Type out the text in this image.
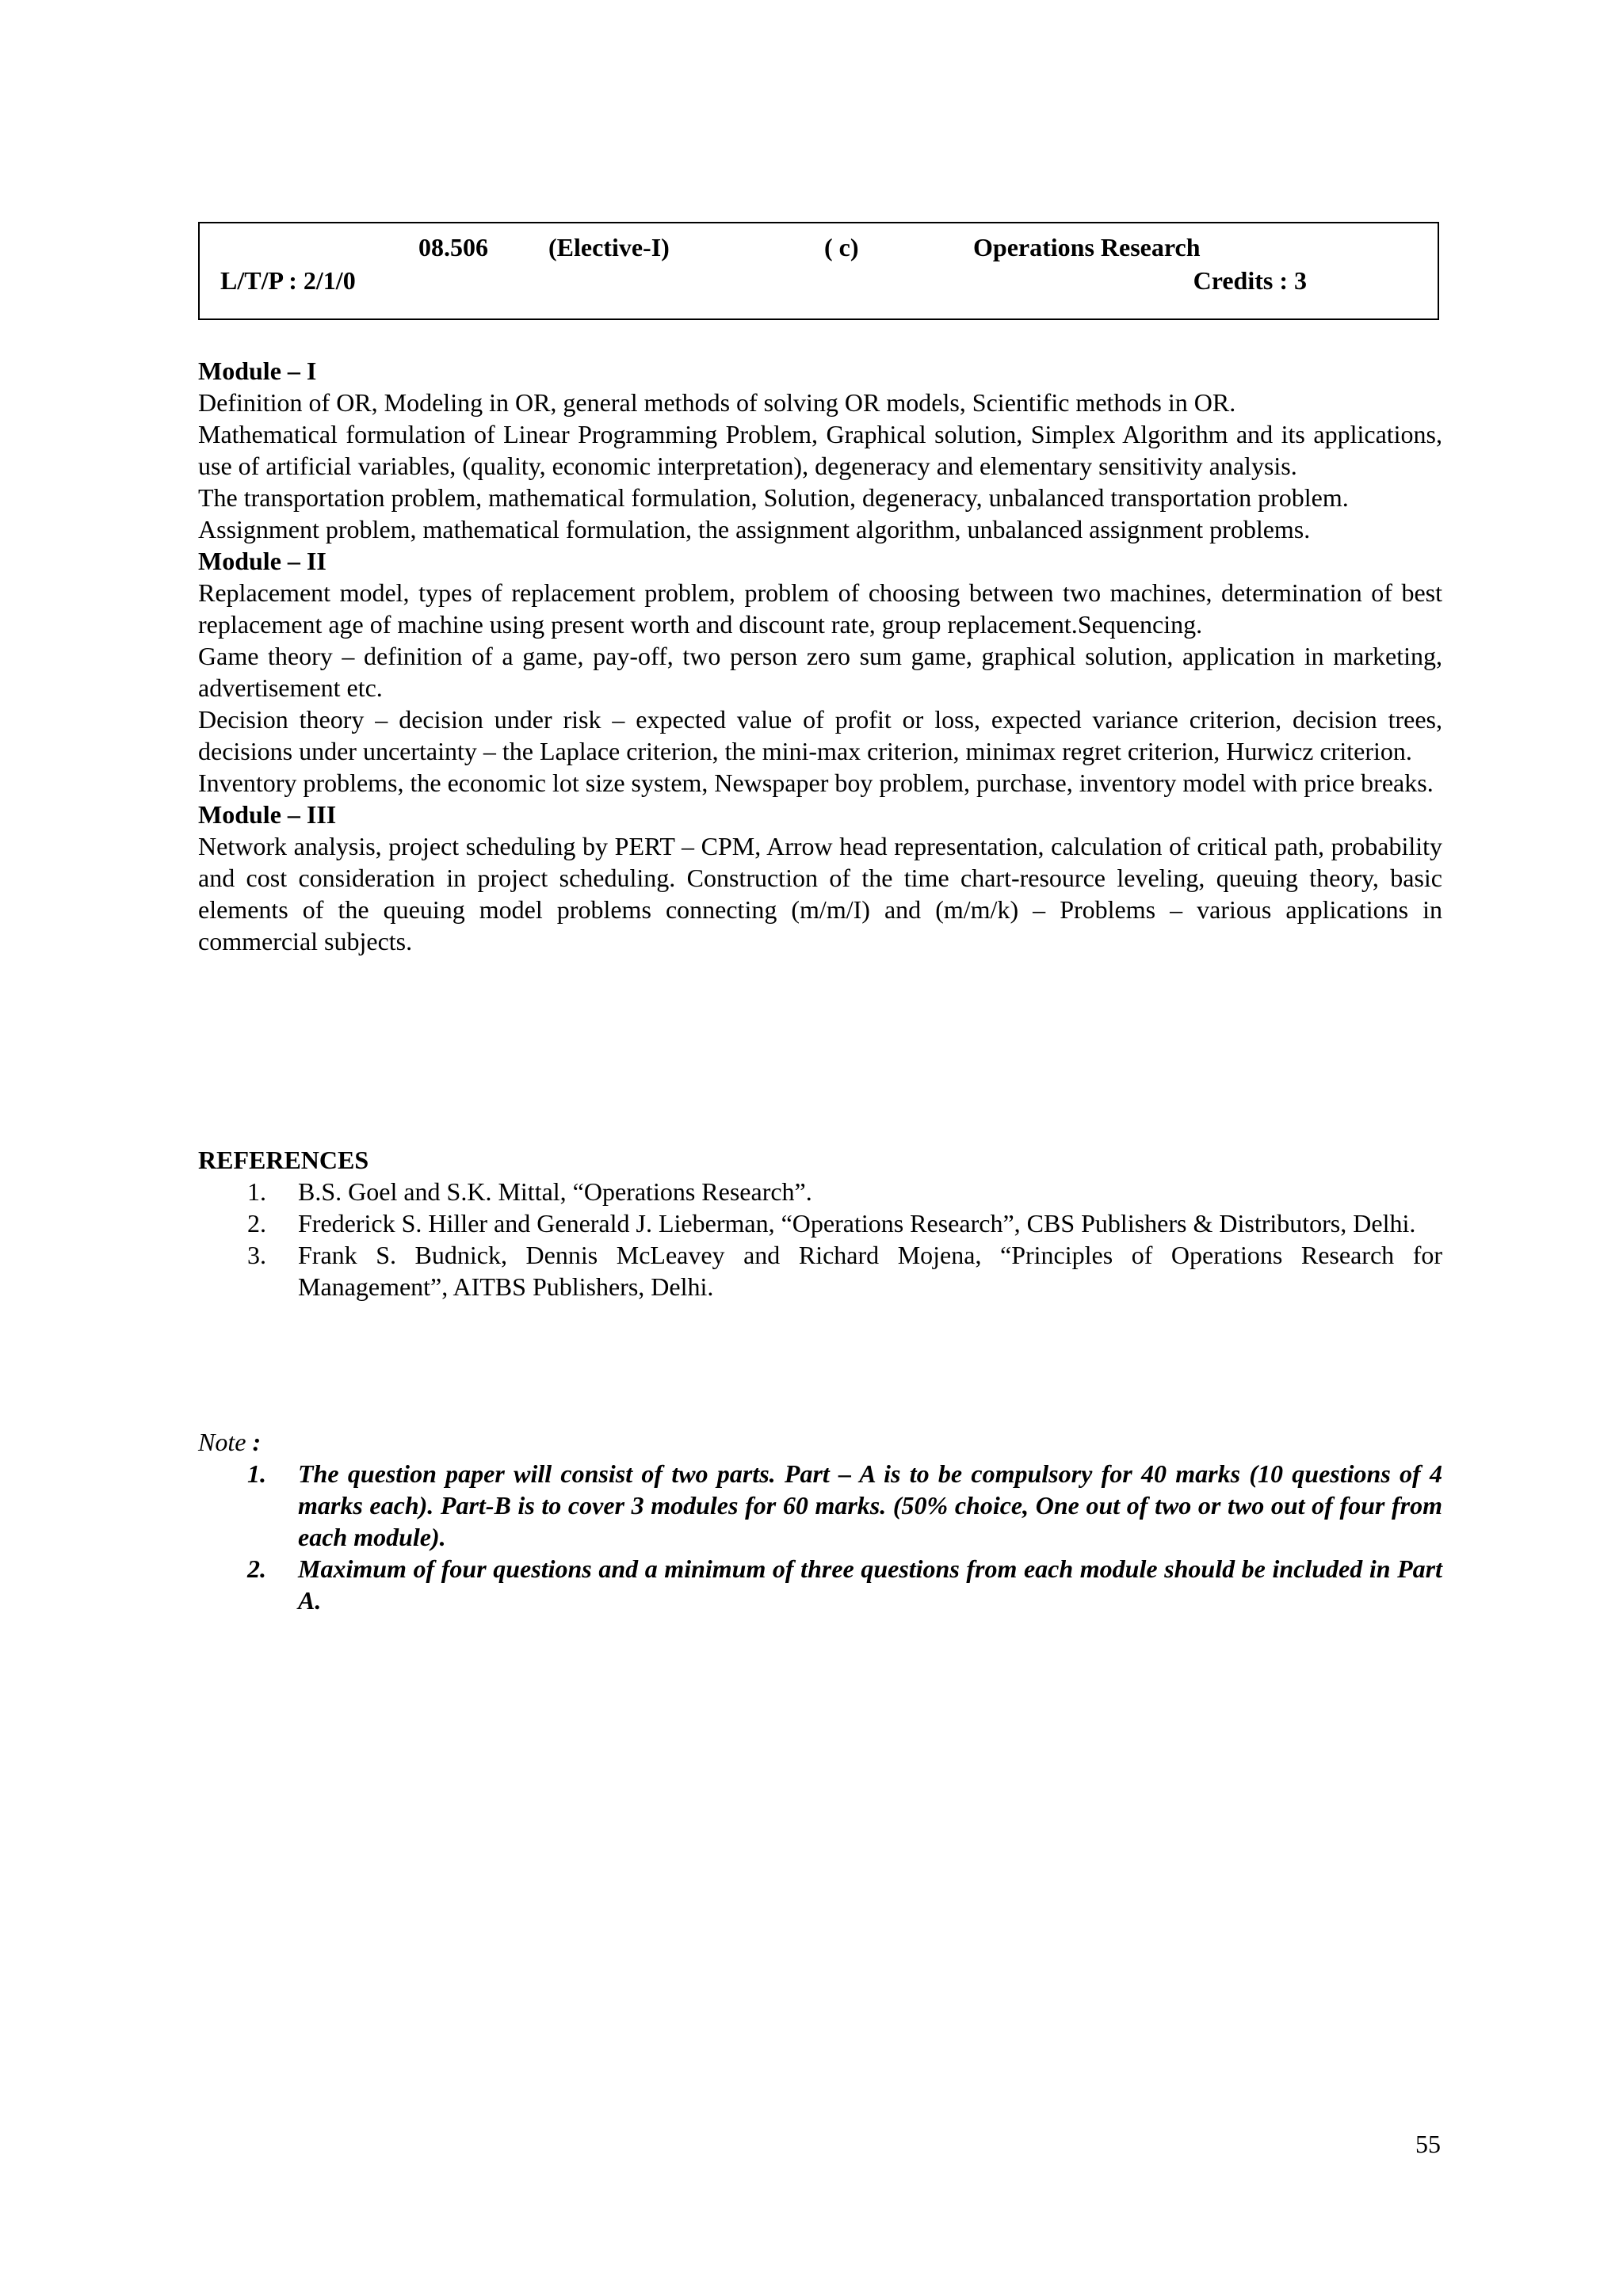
08.506 (Elective-I)	( c)	Operations Research
L/T/P : 2/1/0	Credits : 3

Module – I

Definition of OR, Modeling in OR, general methods of solving OR models, Scientific methods in OR.

Mathematical formulation of Linear Programming Problem, Graphical solution, Simplex Algorithm and its applications, use of artificial variables, (quality, economic interpretation), degeneracy and elementary sensitivity analysis.

The transportation problem, mathematical formulation, Solution, degeneracy, unbalanced transportation problem.

Assignment problem, mathematical formulation, the assignment algorithm, unbalanced assignment problems.

Module – II

Replacement model, types of replacement problem, problem of choosing between two machines, determination of best replacement age of machine using present worth and discount rate, group replacement.Sequencing.

Game theory – definition of a game, pay-off, two person zero sum game, graphical solution, application in marketing, advertisement etc.

Decision theory – decision under risk – expected value of profit or loss, expected variance criterion, decision trees, decisions under uncertainty – the Laplace criterion, the mini-max criterion, minimax regret criterion, Hurwicz criterion.

Inventory problems, the economic lot size system, Newspaper boy problem, purchase, inventory model with price breaks.

Module – III

Network analysis, project scheduling by PERT – CPM, Arrow head representation, calculation of critical path, probability and cost consideration in project scheduling. Construction of the time chart-resource leveling, queuing theory, basic elements of the queuing model problems connecting (m/m/I) and (m/m/k) – Problems – various applications in commercial subjects.

REFERENCES

1. B.S. Goel and S.K. Mittal, “Operations Research”.
2. Frederick S. Hiller and Generald J. Lieberman, “Operations Research”, CBS Publishers & Distributors, Delhi.
3. Frank S. Budnick, Dennis McLeavey and Richard Mojena, “Principles of Operations Research for Management”, AITBS Publishers, Delhi.

Note :

1. The question paper will consist of two parts. Part – A is to be compulsory for 40 marks (10 questions of 4 marks each). Part-B is to cover 3 modules for 60 marks. (50% choice, One out of two or two out of four from each module).
2. Maximum of four questions and a minimum of three questions from each module should be included in Part A.
55
